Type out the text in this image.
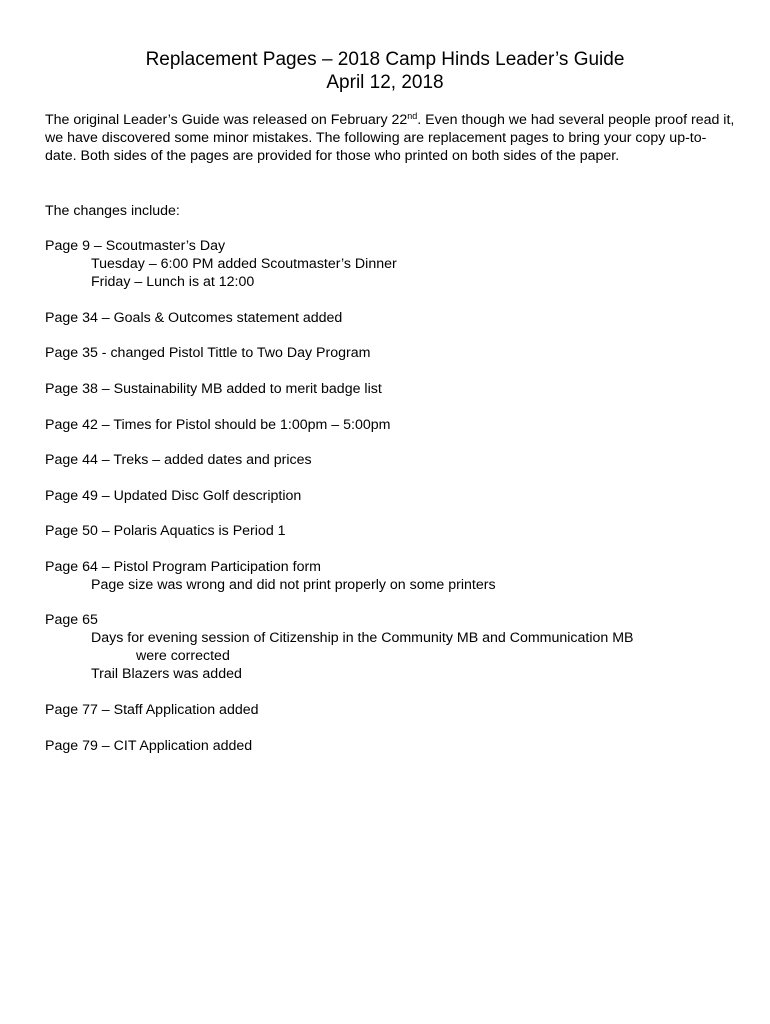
Replacement Pages – 2018 Camp Hinds Leader’s Guide
April 12, 2018
The original Leader’s Guide was released on February 22nd. Even though we had several people proof read it, we have discovered some minor mistakes. The following are replacement pages to bring your copy up-to-date. Both sides of the pages are provided for those who printed on both sides of the paper.
The changes include:
Page 9 – Scoutmaster’s Day
Tuesday – 6:00 PM added Scoutmaster’s Dinner
Friday – Lunch is at 12:00
Page 34 – Goals & Outcomes statement added
Page 35 - changed Pistol Tittle to Two Day Program
Page 38 – Sustainability MB added to merit badge list
Page 42 – Times for Pistol should be 1:00pm – 5:00pm
Page 44 – Treks – added dates and prices
Page 49 – Updated Disc Golf description
Page 50 – Polaris Aquatics is Period 1
Page 64 – Pistol Program Participation form
Page size was wrong and did not print properly on some printers
Page 65
Days for evening session of Citizenship in the Community MB and Communication MB
were corrected
Trail Blazers was added
Page 77 – Staff Application added
Page 79 – CIT Application added
